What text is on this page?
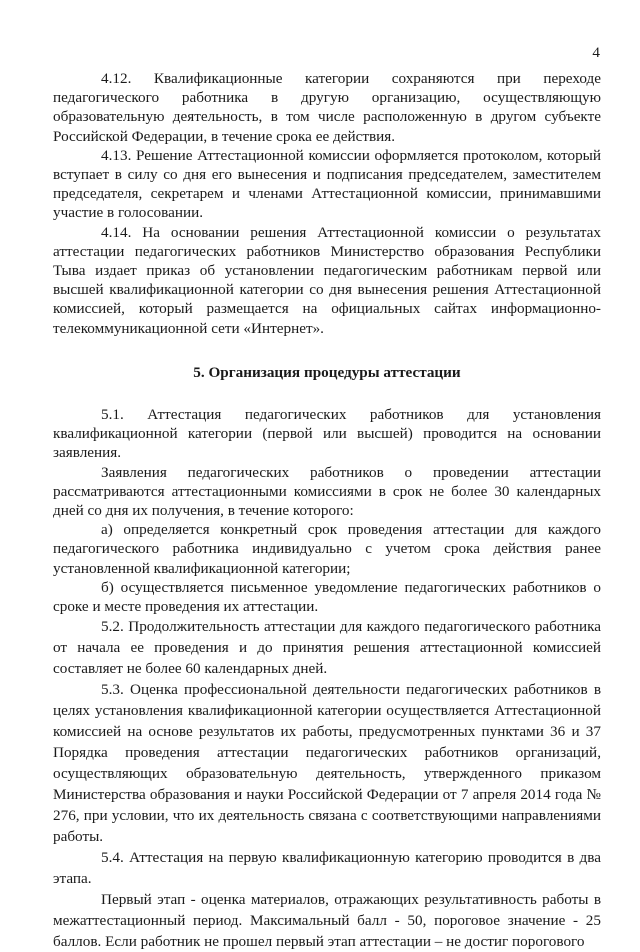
4

4.12. Квалификационные категории сохраняются при переходе педагогического работника в другую организацию, осуществляющую образовательную деятельность, в том числе расположенную в другом субъекте Российской Федерации, в течение срока ее действия.

4.13. Решение Аттестационной комиссии оформляется протоколом, который вступает в силу со дня его вынесения и подписания председателем, заместителем председателя, секретарем и членами Аттестационной комиссии, принимавшими участие в голосовании.

4.14. На основании решения Аттестационной комиссии о результатах аттестации педагогических работников Министерство образования Республики Тыва издает приказ об установлении педагогическим работникам первой или высшей квалификационной категории со дня вынесения решения Аттестационной комиссией, который размещается на официальных сайтах информационно-телекоммуникационной сети «Интернет».

5. Организация процедуры аттестации

5.1. Аттестация педагогических работников для установления квалификационной категории (первой или высшей) проводится на основании заявления.

Заявления педагогических работников о проведении аттестации рассматриваются аттестационными комиссиями в срок не более 30 календарных дней со дня их получения, в течение которого:

а) определяется конкретный срок проведения аттестации для каждого педагогического работника индивидуально с учетом срока действия ранее установленной квалификационной категории;

б) осуществляется письменное уведомление педагогических работников о сроке и месте проведения их аттестации.

5.2. Продолжительность аттестации для каждого педагогического работника от начала ее проведения и до принятия решения аттестационной комиссией составляет не более 60 календарных дней.

5.3. Оценка профессиональной деятельности педагогических работников в целях установления квалификационной категории осуществляется Аттестационной комиссией на основе результатов их работы, предусмотренных пунктами 36 и 37 Порядка проведения аттестации педагогических работников организаций, осуществляющих образовательную деятельность, утвержденного приказом Министерства образования и науки Российской Федерации от 7 апреля 2014 года № 276, при условии, что их деятельность связана с соответствующими направлениями работы.

5.4. Аттестация на первую квалификационную категорию проводится в два этапа.

Первый этап - оценка материалов, отражающих результативность работы в межаттестационный период. Максимальный балл - 50, пороговое значение - 25 баллов. Если работник не прошел первый этап аттестации – не достиг порогового
